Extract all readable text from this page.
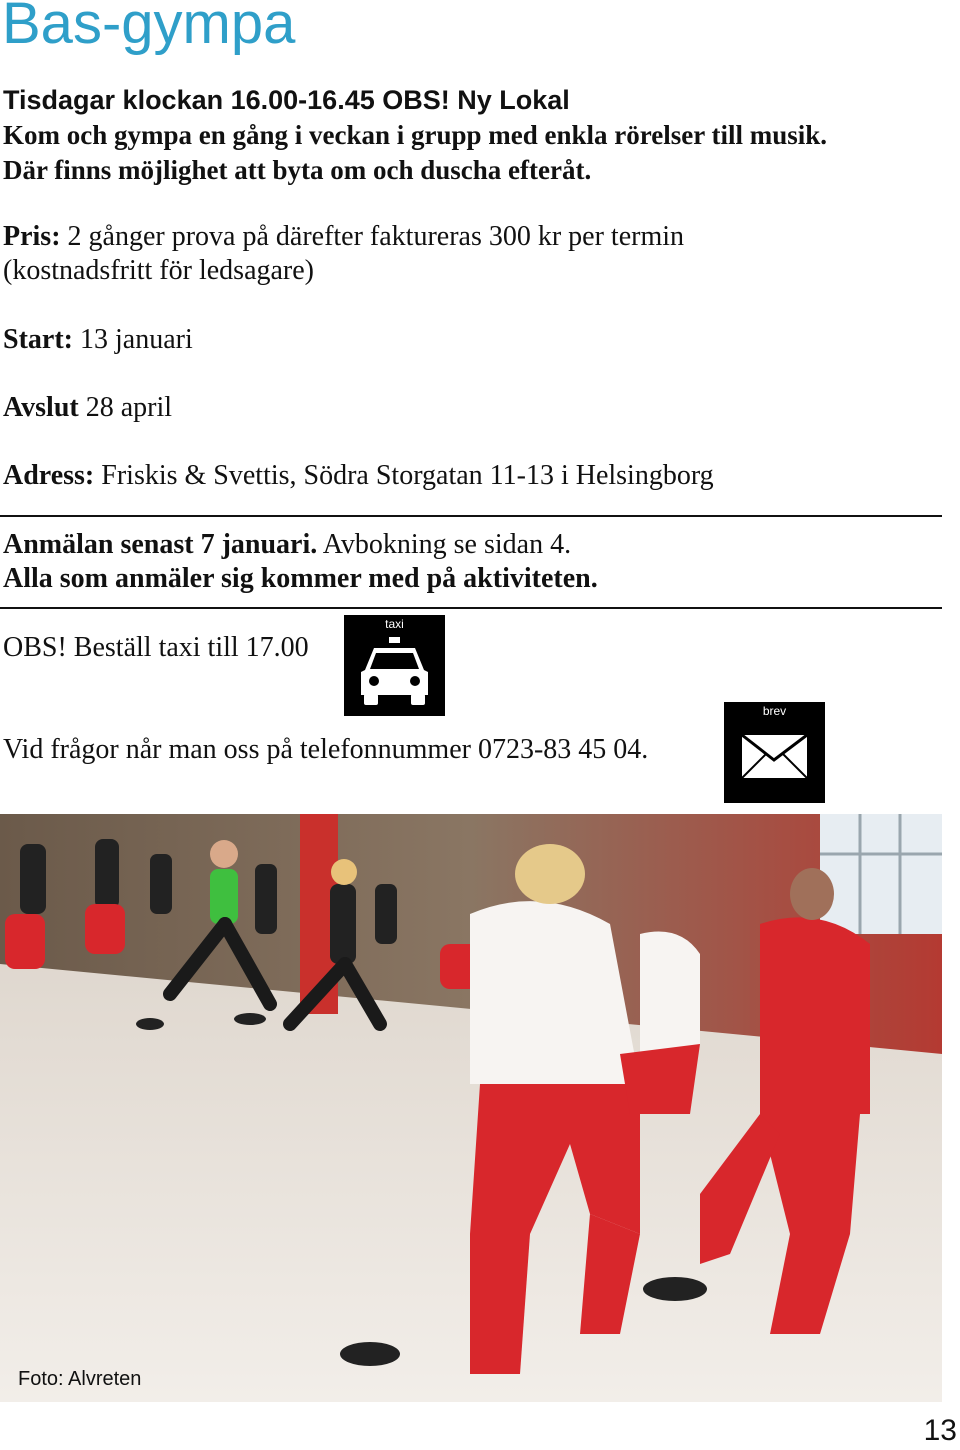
Bas-gympa
Tisdagar klockan 16.00-16.45 OBS! Ny Lokal
Kom och gympa en gång i veckan i grupp med enkla rörelser till musik.
Där finns möjlighet att byta om och duscha efteråt.
Pris: 2 gånger prova på därefter faktureras 300 kr per termin
(kostnadsfritt för ledsagare)
Start: 13 januari
Avslut 28 april
Adress: Friskis & Svettis, Södra Storgatan 11-13 i Helsingborg
Anmälan senast 7 januari. Avbokning se sidan 4.
Alla som anmäler sig kommer med på aktiviteten.
OBS! Beställ taxi till 17.00
taxi
brev
Vid frågor når man oss på telefonnummer 0723-83 45 04.
Foto: Alvreten
13
